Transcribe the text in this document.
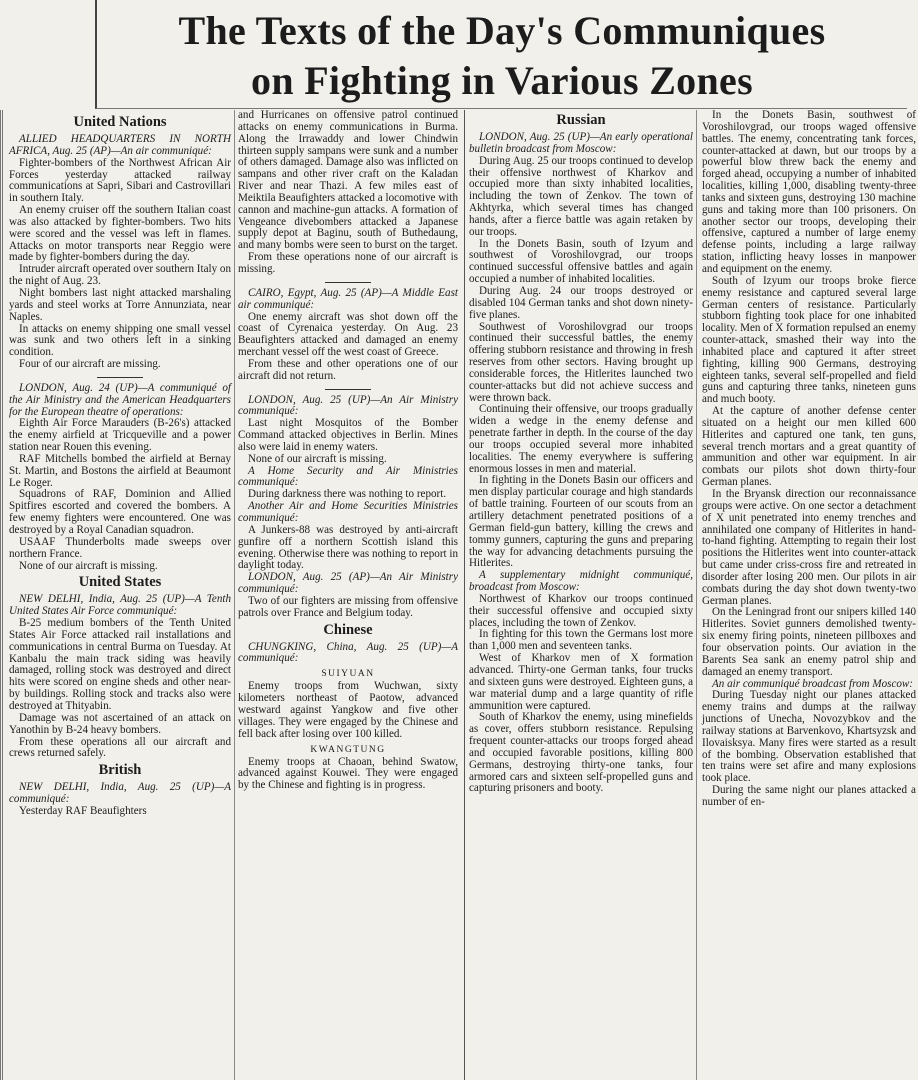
The Texts of the Day's Communiques
on Fighting in Various Zones
United Nations
ALLIED HEADQUARTERS IN NORTH AFRICA, Aug. 25 (AP)—An air communiqué:

Fighter-bombers of the Northwest African Air Forces yesterday attacked railway communications at Sapri, Sibari and Castrovillari in southern Italy.

An enemy cruiser off the southern Italian coast was also attacked by fighter-bombers. Two hits were scored and the vessel was left in flames. Attacks on motor transports near Reggio were made by fighter-bombers during the day.

Intruder aircraft operated over southern Italy on the night of Aug. 23.

Night bombers last night attacked marshaling yards and steel works at Torre Annunziata, near Naples.

In attacks on enemy shipping one small vessel was sunk and two others left in a sinking condition.

Four of our aircraft are missing.

LONDON, Aug. 24 (UP)—A communiqué of the Air Ministry and the American Headquarters for the European theatre of operations:

Eighth Air Force Marauders (B-26's) attacked the enemy airfield at Tricqueville and a power station near Rouen this evening.

RAF Mitchells bombed the airfield at Bernay St. Martin, and Bostons the airfield at Beaumont Le Roger.

Squadrons of RAF, Dominion and Allied Spitfires escorted and covered the bombers. A few enemy fighters were encountered. One was destroyed by a Royal Canadian squadron.

USAAF Thunderbolts made sweeps over northern France.

None of our aircraft is missing.

United States
NEW DELHI, India, Aug. 25 (UP)—A Tenth United States Air Force communiqué:

B-25 medium bombers of the Tenth United States Air Force attacked rail installations and communications in central Burma on Tuesday. At Kanbalu the main track siding was heavily damaged, rolling stock was destroyed and direct hits were scored on engine sheds and other near-by buildings. Rolling stock and tracks also were destroyed at Thityabin.

Damage was not ascertained of an attack on Yanothin by B-24 heavy bombers.

From these operations all our aircraft and crews returned safely.

British
NEW DELHI, India, Aug. 25 (UP)—A communiqué:

Yesterday RAF Beaufighters

and Hurricanes on offensive patrol continued attacks on enemy communications in Burma. Along the Irrawaddy and lower Chindwin thirteen supply sampans were sunk and a number of others damaged. Damage also was inflicted on sampans and other river craft on the Kaladan River and near Thazi. A few miles east of Meiktila Beaufighters attacked a locomotive with cannon and machine-gun attacks. A formation of Vengeance divebombers attacked a Japanese supply depot at Baginu, south of Buthedaung, and many bombs were seen to burst on the target.

From these operations none of our aircraft is missing.

CAIRO, Egypt, Aug. 25 (AP)—A Middle East air communiqué:

One enemy aircraft was shot down off the coast of Cyrenaica yesterday. On Aug. 23 Beaufighters attacked and damaged an enemy merchant vessel off the west coast of Greece.

From these and other operations one of our aircraft did not return.

LONDON, Aug. 25 (UP)—An Air Ministry communiqué:

Last night Mosquitos of the Bomber Command attacked objectives in Berlin. Mines also were laid in enemy waters.

None of our aircraft is missing.

A Home Security and Air Ministries communiqué:

During darkness there was nothing to report.

Another Air and Home Securities Ministries communiqué:

A Junkers-88 was destroyed by anti-aircraft gunfire off a northern Scottish island this evening. Otherwise there was nothing to report in daylight today.

LONDON, Aug. 25 (AP)—An Air Ministry communiqué:

Two of our fighters are missing from offensive patrols over France and Belgium today.

Chinese
CHUNGKING, China, Aug. 25 (UP)—A communiqué:
SUIYUAN

Enemy troops from Wuchwan, sixty kilometers northeast of Paotow, advanced westward against Yangkow and five other villages. They were engaged by the Chinese and fell back after losing over 100 killed.

KWANGTUNG

Enemy troops at Chaoan, behind Swatow, advanced against Kouwei. They were engaged by the Chinese and fighting is in progress.

Russian
LONDON, Aug. 25 (UP)—An early operational bulletin broadcast from Moscow:

During Aug. 25 our troops continued to develop their offensive northwest of Kharkov and occupied more than sixty inhabited localities, including the town of Zenkov. The town of Akhtyrka, which several times has changed hands, after a fierce battle was again retaken by our troops.

In the Donets Basin, south of Izyum and southwest of Voroshilovgrad, our troops continued successful offensive battles and again occupied a number of inhabited localities.

During Aug. 24 our troops destroyed or disabled 104 German tanks and shot down ninety-five planes.

Southwest of Voroshilovgrad our troops continued their successful battles, the enemy offering stubborn resistance and throwing in fresh reserves from other sectors. Having brought up considerable forces, the Hitlerites launched two counter-attacks but did not achieve success and were thrown back.

Continuing their offensive, our troops gradually widen a wedge in the enemy defense and penetrate farther in depth. In the course of the day our troops occupied several more inhabited localities. The enemy everywhere is suffering enormous losses in men and material.

In fighting in the Donets Basin our officers and men display particular courage and high standards of battle training. Fourteen of our scouts from an artillery detachment penetrated positions of a German field-gun battery, killing the crews and tommy gunners, capturing the guns and preparing the way for advancing detachments pursuing the Hitlerites.

A supplementary midnight communiqué, broadcast from Moscow:

Northwest of Kharkov our troops continued their successful offensive and occupied sixty places, including the town of Zenkov.

In fighting for this town the Germans lost more than 1,000 men and seventeen tanks.

West of Kharkov men of X formation advanced. Thirty-one German tanks, four trucks and sixteen guns were destroyed. Eighteen guns, a war material dump and a large quantity of rifle ammunition were captured.

South of Kharkov the enemy, using minefields as cover, offers stubborn resistance. Repulsing frequent counter-attacks our troops forged ahead and occupied favorable positions, killing 800 Germans, destroying thirty-one tanks, four armored cars and sixteen self-propelled guns and capturing prisoners and booty.

In the Donets Basin, southwest of Voroshilovgrad, our troops waged offensive battles. The enemy, concentrating tank forces, counter-attacked at dawn, but our troops by a powerful blow threw back the enemy and forged ahead, occupying a number of inhabited localities, killing 1,000, disabling twenty-three tanks and sixteen guns, destroying 130 machine guns and taking more than 100 prisoners. On another sector our troops, developing their offensive, captured a number of large enemy defense points, including a large railway station, inflicting heavy losses in manpower and equipment on the enemy.

South of Izyum our troops broke fierce enemy resistance and captured several large German centers of resistance. Particularly stubborn fighting took place for one inhabited locality. Men of X formation repulsed an enemy counter-attack, smashed their way into the inhabited place and captured it after street fighting, killing 900 Germans, destroying eighteen tanks, several self-propelled and field guns and capturing three tanks, nineteen guns and much booty.

At the capture of another defense center situated on a height our men killed 600 Hitlerites and captured one tank, ten guns, several trench mortars and a great quantity of ammunition and other war equipment. In air combats our pilots shot down thirty-four German planes.

In the Bryansk direction our reconnaissance groups were active. On one sector a detachment of X unit penetrated into enemy trenches and annihilated one company of Hitlerites in hand-to-hand fighting. Attempting to regain their lost positions the Hitlerites went into counter-attack but came under criss-cross fire and retreated in disorder after losing 200 men. Our pilots in air combats during the day shot down twenty-two German planes.

On the Leningrad front our snipers killed 140 Hitlerites. Soviet gunners demolished twenty-six enemy firing points, nineteen pillboxes and four observation points. Our aviation in the Barents Sea sank an enemy patrol ship and damaged an enemy transport.

An air communiqué broadcast from Moscow:

During Tuesday night our planes attacked enemy trains and dumps at the railway junctions of Unecha, Novozybkov and the railway stations at Barvenkovo, Khartsyzsk and Ilovaisksya. Many fires were started as a result of the bombing. Observation established that ten trains were set afire and many explosions took place.

During the same night our planes attacked a number of en-
